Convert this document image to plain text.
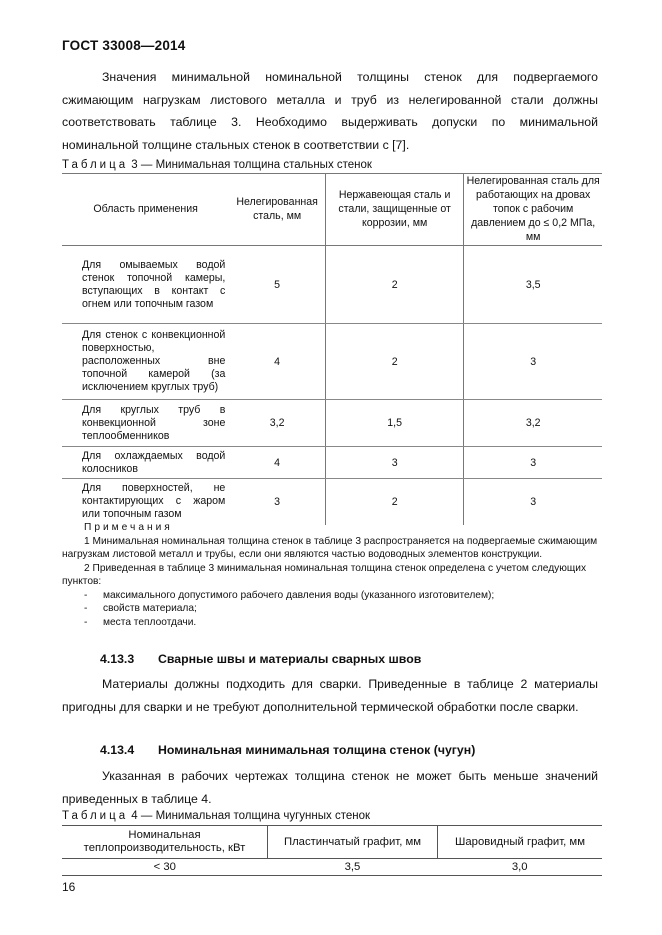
ГОСТ 33008—2014
Значения минимальной номинальной толщины стенок для подвергаемого сжимающим нагрузкам листового металла и труб из нелегированной стали должны соответствовать таблице 3. Необходимо выдерживать допуски по минимальной номинальной толщине стальных стенок в соответствии с [7].
Таблица 3 — Минимальная толщина стальных стенок
Область применения	Нелегированная сталь, мм	Нержавеющая сталь и стали, защищенные от коррозии, мм	Нелегированная сталь для работающих на дровах топок с рабочим давлением до ≤ 0,2 МПа, мм
Для омываемых водой стенок топочной камеры, вступающих в контакт с огнем или топочным газом	5	2	3,5
Для стенок с конвекционной поверхностью, расположенных вне топочной камерой (за исключением круглых труб)	4	2	3
Для круглых труб в конвекционной зоне теплообменников	3,2	1,5	3,2
Для охлаждаемых водой колосников	4	3	3
Для поверхностей, не контактирующих с жаром или топочным газом	3	2	3
Примечания
1 Минимальная номинальная толщина стенок в таблице 3 распространяется на подвергаемые сжимающим нагрузкам листовой металл и трубы, если они являются частью водоводных элементов конструкции.
2 Приведенная в таблице 3 минимальная номинальная толщина стенок определена с учетом следующих пунктов:
- максимального допустимого рабочего давления воды (указанного изготовителем);
- свойств материала;
- места теплоотдачи.
4.13.3 Сварные швы и материалы сварных швов
Материалы должны подходить для сварки. Приведенные в таблице 2 материалы пригодны для сварки и не требуют дополнительной термической обработки после сварки.
4.13.4 Номинальная минимальная толщина стенок (чугун)
Указанная в рабочих чертежах толщина стенок не может быть меньше значений приведенных в таблице 4.
Таблица 4 — Минимальная толщина чугунных стенок
Номинальная теплопроизводительность, кВт	Пластинчатый графит, мм	Шаровидный графит, мм
< 30	3,5	3,0
16
